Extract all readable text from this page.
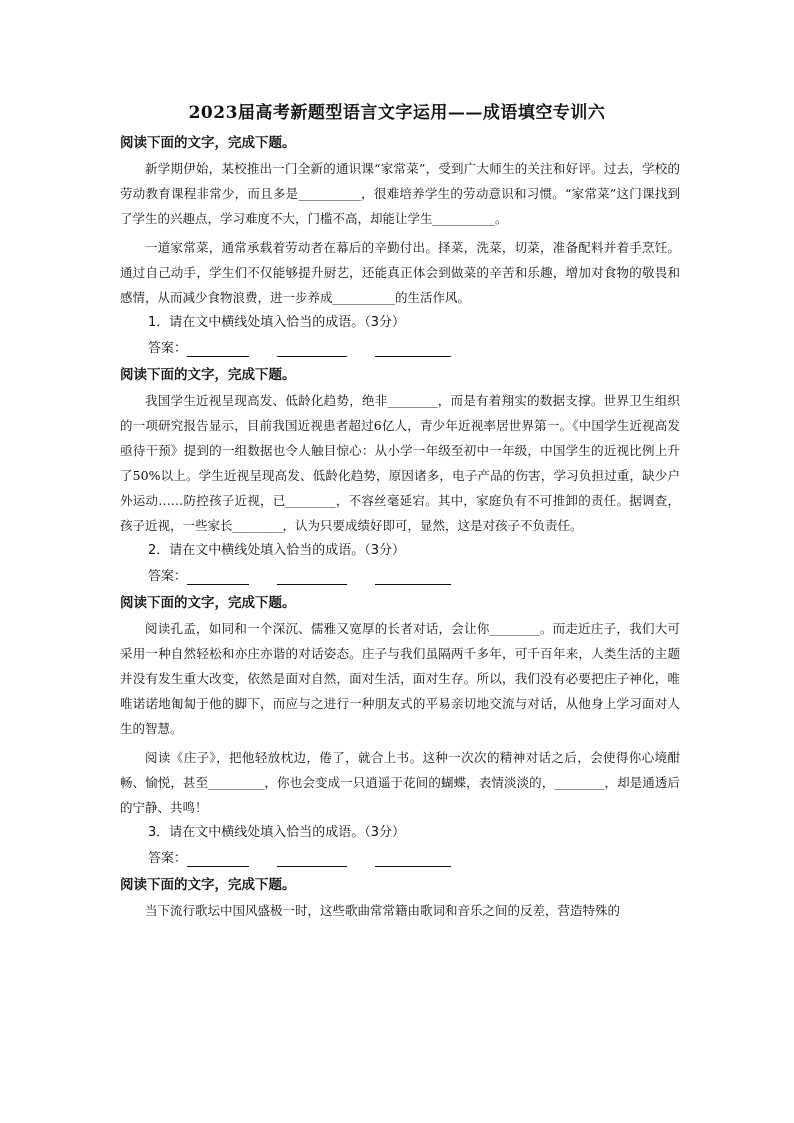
2023届高考新题型语言文字运用——成语填空专训六
阅读下面的文字，完成下题。

新学期伊始，某校推出一门全新的通识课“家常菜”，受到广大师生的关注和好评。过去，学校的劳动教育课程非常少，而且多是__________，很难培养学生的劳动意识和习惯。“家常菜”这门课找到了学生的兴趣点，学习难度不大，门槛不高，却能让学生__________。

一道家常菜，通常承载着劳动者在幕后的辛勤付出。择菜，洗菜，切菜，准备配料并着手烹饪。通过自己动手，学生们不仅能够提升厨艺，还能真正体会到做菜的辛苦和乐趣，增加对食物的敬畏和感情，从而减少食物浪费，进一步养成__________的生活作风。

1．请在文中横线处填入恰当的成语。（3分）
答案：
阅读下面的文字，完成下题。

我国学生近视呈现高发、低龄化趋势，绝非________，而是有着翔实的数据支撑。世界卫生组织的一项研究报告显示，目前我国近视患者超过6亿人，青少年近视率居世界第一。《中国学生近视高发亟待干预》提到的一组数据也令人触目惊心：从小学一年级至初中一年级，中国学生的近视比例上升了50%以上。学生近视呈现高发、低龄化趋势，原因诸多，电子产品的伤害，学习负担过重，缺少户外运动……防控孩子近视，已________，不容丝毫延宕。其中，家庭负有不可推卸的责任。据调查，孩子近视，一些家长________，认为只要成绩好即可，显然，这是对孩子不负责任。

2．请在文中横线处填入恰当的成语。（3分）
答案：
阅读下面的文字，完成下题。

阅读孔孟，如同和一个深沉、儒雅又宽厚的长者对话，会让你________。而走近庄子，我们大可采用一种自然轻松和亦庄亦谐的对话姿态。庄子与我们虽隔两千多年，可千百年来，人类生活的主题并没有发生重大改变，依然是面对自然，面对生活，面对生存。所以，我们没有必要把庄子神化，唯唯诺诺地匍匐于他的脚下，而应与之进行一种朋友式的平易亲切地交流与对话，从他身上学习面对人生的智慧。

阅读《庄子》，把他轻放枕边，倦了，就合上书。这种一次次的精神对话之后，会使得你心境酣畅、愉悦，甚至_________，你也会变成一只逍遥于花间的蝴蝶，表情淡淡的，________，却是通透后的宁静、共鸣！

3．请在文中横线处填入恰当的成语。（3分）
答案：
阅读下面的文字，完成下题。

当下流行歌坛中国风盛极一时，这些歌曲常常籍由歌词和音乐之间的反差，营造特殊的
